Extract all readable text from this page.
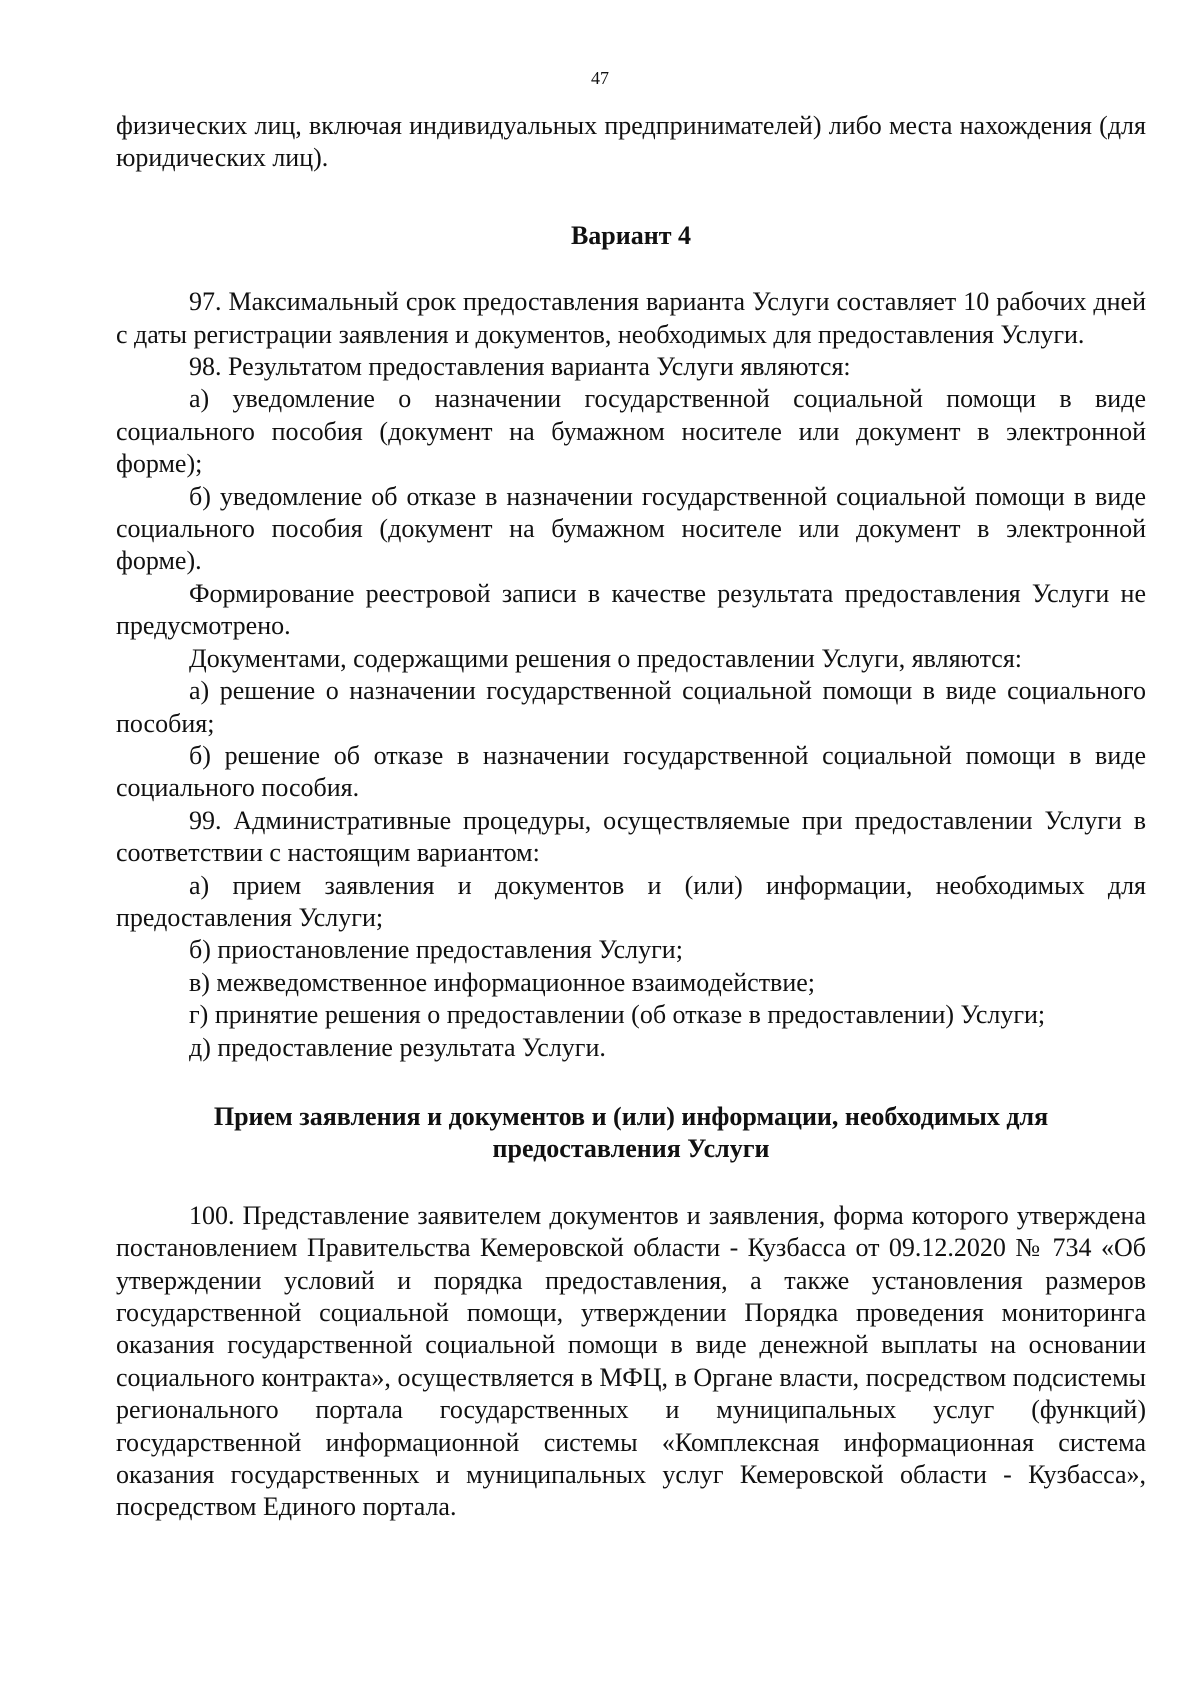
47

физических лиц, включая индивидуальных предпринимателей) либо места нахождения (для юридических лиц).

Вариант 4

97. Максимальный срок предоставления варианта Услуги составляет 10 рабочих дней с даты регистрации заявления и документов, необходимых для предоставления Услуги.

98. Результатом предоставления варианта Услуги являются:

а) уведомление о назначении государственной социальной помощи в виде социального пособия (документ на бумажном носителе или документ в электронной форме);

б) уведомление об отказе в назначении государственной социальной помощи в виде социального пособия (документ на бумажном носителе или документ в электронной форме).

Формирование реестровой записи в качестве результата предоставления Услуги не предусмотрено.

Документами, содержащими решения о предоставлении Услуги, являются:

а) решение о назначении государственной социальной помощи в виде социального пособия;

б) решение об отказе в назначении государственной социальной помощи в виде социального пособия.

99. Административные процедуры, осуществляемые при предоставлении Услуги в соответствии с настоящим вариантом:

а) прием заявления и документов и (или) информации, необходимых для предоставления Услуги;

б) приостановление предоставления Услуги;

в) межведомственное информационное взаимодействие;

г) принятие решения о предоставлении (об отказе в предоставлении) Услуги;

д) предоставление результата Услуги.

Прием заявления и документов и (или) информации, необходимых для

предоставления Услуги

100. Представление заявителем документов и заявления, форма которого утверждена постановлением Правительства Кемеровской области - Кузбасса от 09.12.2020 № 734 «Об утверждении условий и порядка предоставления, а также установления размеров государственной социальной помощи, утверждении Порядка проведения мониторинга оказания государственной социальной помощи в виде денежной выплаты на основании социального контракта», осуществляется в МФЦ, в Органе власти, посредством подсистемы регионального портала государственных и муниципальных услуг (функций) государственной информационной системы «Комплексная информационная система оказания государственных и муниципальных услуг Кемеровской области - Кузбасса», посредством Единого портала.
